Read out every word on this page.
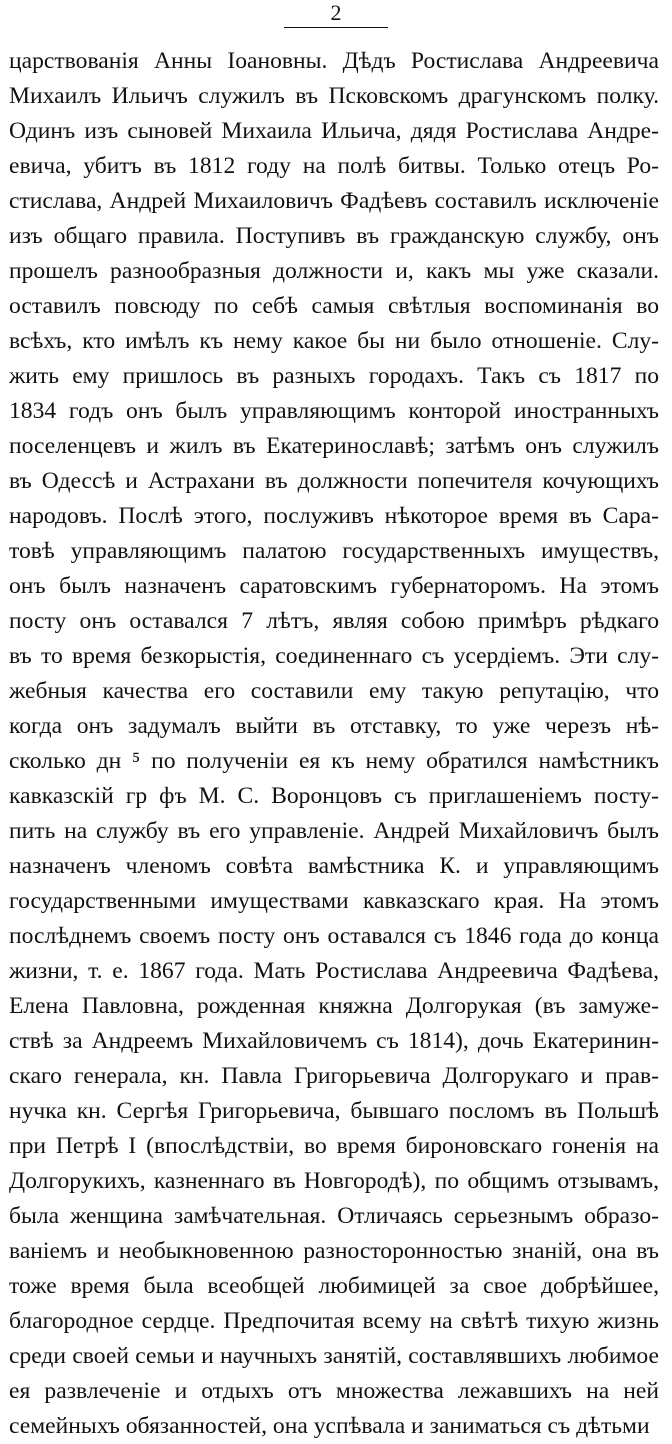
2
царствованія Анны Іоановны. Дѣдъ Ростислава Андреевича
Михаилъ Ильичъ служилъ въ Псковскомъ драгунскомъ полку.
Одинъ изъ сыновей Михаила Ильича, дядя Ростислава Андре-
евича, убитъ въ 1812 году на полѣ битвы. Только отецъ Ро-
стислава, Андрей Михаиловичъ Фадѣевъ составилъ исключеніе
изъ общаго правила. Поступивъ въ гражданскую службу, онъ
прошелъ разнообразныя должности и, какъ мы уже сказали.
оставилъ повсюду по себѣ самыя свѣтлыя воспоминанія во
всѣхъ, кто имѣлъ къ нему какое бы ни было отношеніе. Слу-
жить ему пришлось въ разныхъ городахъ. Такъ съ 1817 по
1834 годъ онъ былъ управляющимъ конторой иностранныхъ
поселенцевъ и жилъ въ Екатеринославѣ; затѣмъ онъ служилъ
въ Одессѣ и Астрахани въ должности попечителя кочующихъ
народовъ. Послѣ этого, послуживъ нѣкоторое время въ Сара-
товѣ управляющимъ палатою государственныхъ имуществъ,
онъ былъ назначенъ саратовскимъ губернаторомъ. На этомъ
посту онъ оставался 7 лѣтъ, являя собою примѣръ рѣдкаго
въ то время безкорыстія, соединеннаго съ усердіемъ. Эти слу-
жебныя качества его составили ему такую репутацію, что
когда онъ задумалъ выйти въ отставку, то уже черезъ нѣ-
сколько дн ⁵ по полученіи ея къ нему обратился намѣстникъ
кавказскій гр фъ М. С. Воронцовъ съ приглашеніемъ посту-
пить на службу въ его управленіе. Андрей Михайловичъ былъ
назначенъ членомъ совѣта вамѣстника К. и управляющимъ
государственными имуществами кавказскаго края. На этомъ
послѣднемъ своемъ посту онъ оставался съ 1846 года до конца
жизни, т. е. 1867 года. Мать Ростислава Андреевича Фадѣева,
Елена Павловна, рожденная княжна Долгорукая (въ замуже-
ствѣ за Андреемъ Михайловичемъ съ 1814), дочь Екатеринин-
скаго генерала, кн. Павла Григорьевича Долгорукаго и прав-
нучка кн. Сергѣя Григорьевича, бывшаго посломъ въ Польшѣ
при Петрѣ I (впослѣдствіи, во время бироновскаго гоненія на
Долгорукихъ, казненнаго въ Новгородѣ), по общимъ отзывамъ,
была женщина замѣчательная. Отличаясь серьезнымъ образо-
ваніемъ и необыкновенною разносторонностью знаній, она въ
тоже время была всеобщей любимицей за свое добрѣйшее,
благородное сердце. Предпочитая всему на свѣтѣ тихую жизнь
среди своей семьи и научныхъ занятій, составлявшихъ любимое
ея развлеченіе и отдыхъ отъ множества лежавшихъ на ней
семейныхъ обязанностей, она успѣвала и заниматься съ дѣтьми
